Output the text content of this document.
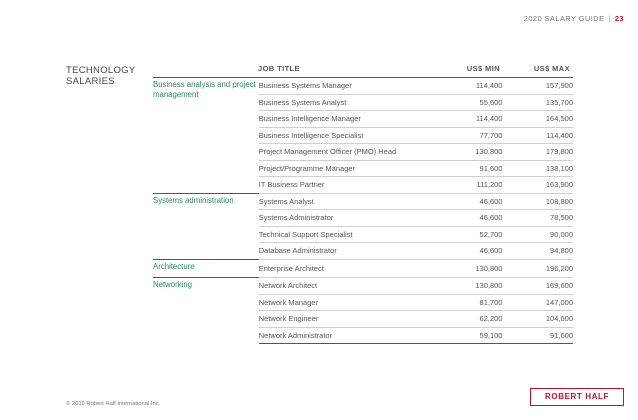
2020 SALARY GUIDE | 23
TECHNOLOGY
SALARIES
JOB TITLE	US$ MIN	US$ MAX
Business analysis and project management	Business Systems Manager	114,400	157,900
	Business Systems Analyst	55,600	135,700
	Business Intelligence Manager	114,400	164,500
	Business Intelligence Specialist	77,700	114,400
	Project Management Officer (PMO) Head	130,800	179,800
	Project/Programme Manager	91,600	138,100
	IT Business Partner	111,200	163,900
Systems administration	Systems Analyst	46,600	108,800
	Systems Administrator	46,600	78,500
	Technical Support Specialist	52,700	90,000
	Database Administrator	46,600	94,800
Architecture	Enterprise Architect	130,800	196,200
Networking	Network Architect	130,800	169,600
	Network Manager	81,700	147,000
	Network Engineer	62,200	104,600
	Network Administrator	59,100	91,600
© 2019 Robert Half International Inc.
ROBERT HALF
